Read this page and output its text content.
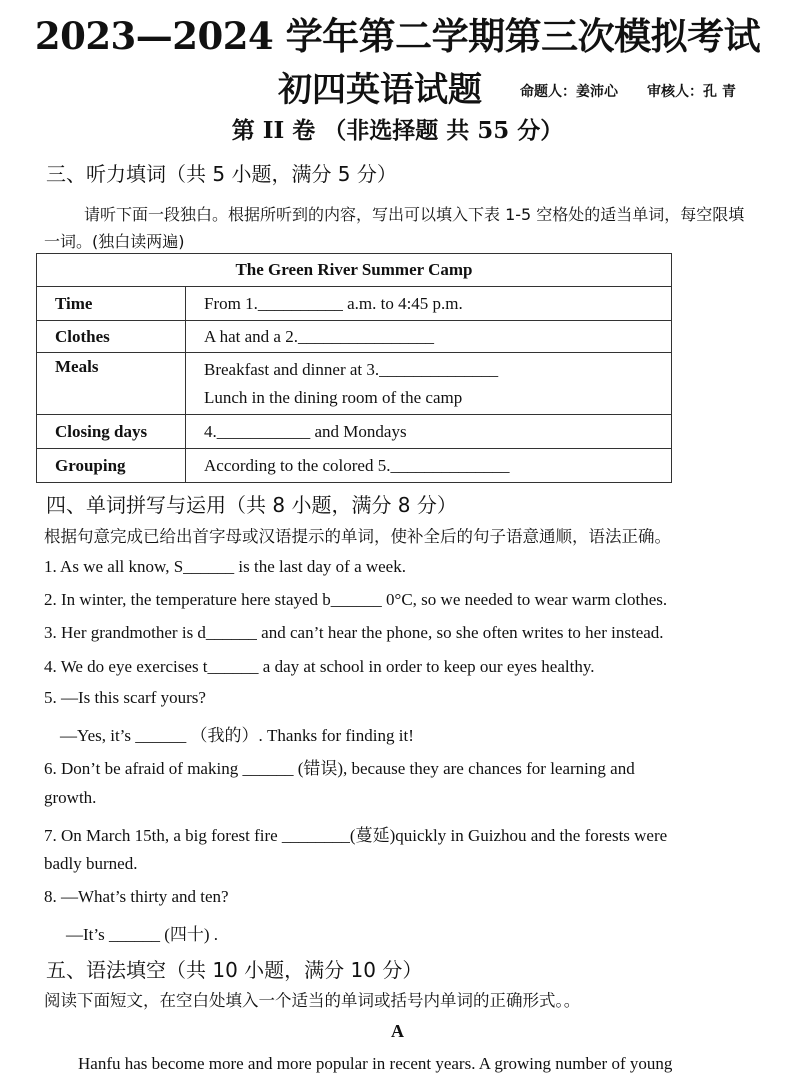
2023—2024 学年第二学期第三次模拟考试
初四英语试题	命题人：姜沛心 审核人：孔 青
第 II 卷 （非选择题 共 55 分）
三、听力填词（共 5 小题，满分 5 分）
请听下面一段独白。根据所听到的内容，写出可以填入下表 1-5 空格处的适当单词，每空限填一词。(独白读两遍)
The Green River Summer Camp	
Time	From 1.__________ a.m. to 4:45 p.m.
Clothes	A hat and a 2.________________
Meals	Breakfast and dinner at 3.______________
Lunch in the dining room of the camp

Closing days	4.___________ and Mondays
Grouping	According to the colored 5.______________
四、单词拼写与运用（共 8 小题，满分 8 分）
根据句意完成已给出首字母或汉语提示的单词，使补全后的句子语意通顺，语法正确。
1. As we all know, S______ is the last day of a week.
2. In winter, the temperature here stayed b______ 0°C, so we needed to wear warm clothes.
3. Her grandmother is d______ and can’t hear the phone, so she often writes to her instead.
4. We do eye exercises t______ a day at school in order to keep our eyes healthy.
5. —Is this scarf yours?
—Yes, it’s ______ （我的）. Thanks for finding it!
6. Don’t be afraid of making ______ (错误), because they are chances for learning and
growth.
7. On March 15th, a big forest fire ________(蔓延)quickly in Guizhou and the forests were
badly burned.
8. —What’s thirty and ten?
—It’s ______ (四十) .
五、语法填空（共 10 小题，满分 10 分）
阅读下面短文，在空白处填入一个适当的单词或括号内单词的正确形式。。
A
Hanfu has become more and more popular in recent years. A growing number of young
